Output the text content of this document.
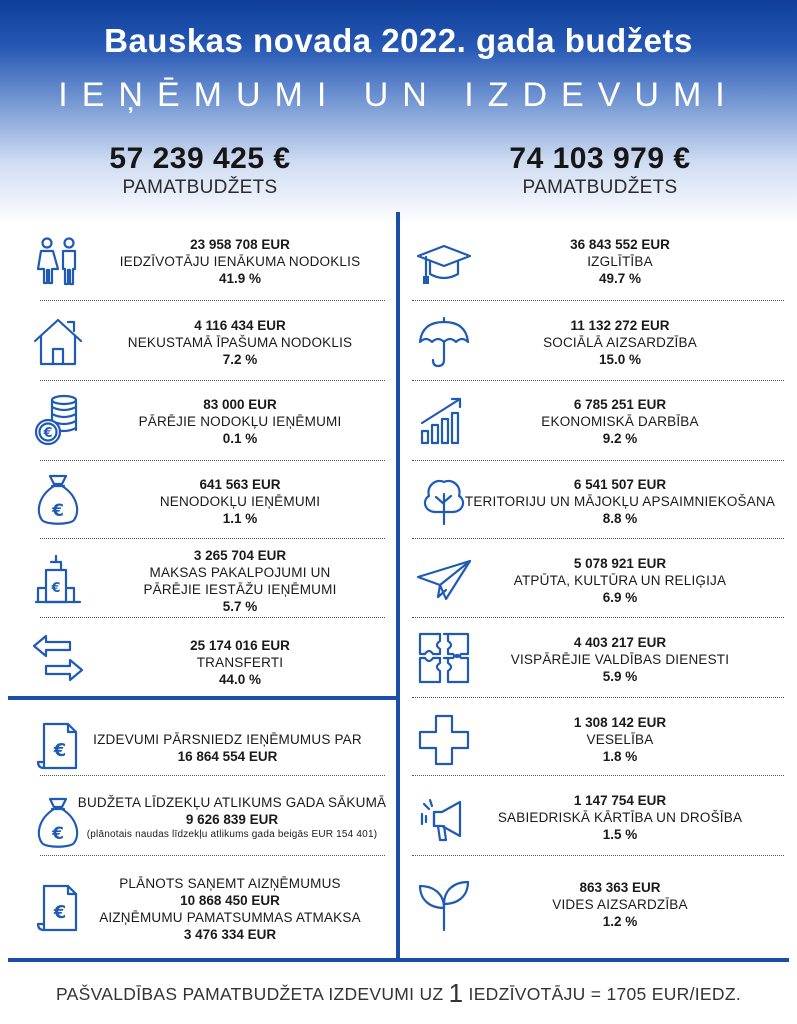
Bauskas novada 2022. gada budžets
IEŅĒMUMI UN IZDEVUMI
57 239 425 €
PAMATBUDŽETS
74 103 979 €
PAMATBUDŽETS
23 958 708 EUR
IEDZĪVOTĀJU IENĀKUMA NODOKLIS
41.9 %
4 116 434 EUR
NEKUSTAMĀ ĪPAŠUMA NODOKLIS
7.2 %
€
83 000 EUR
PĀRĒJIE NODOKĻU IEŅĒMUMI
0.1 %
€
641 563 EUR
NENODOKĻU IEŅĒMUMI
1.1 %
€
3 265 704 EUR
MAKSAS PAKALPOJUMI UN
PĀRĒJIE IESTĀŽU IEŅĒMUMI
5.7 %
25 174 016 EUR
TRANSFERTI
44.0 %
€
IZDEVUMI PĀRSNIEDZ IEŅĒMUMUS PAR
16 864 554 EUR
€
BUDŽETA LĪDZEKĻU ATLIKUMS GADA SĀKUMĀ
9 626 839 EUR
(plānotais naudas līdzekļu atlikums gada beigās EUR 154 401)
€
PLĀNOTS SAŅEMT AIZŅĒMUMUS
10 868 450 EUR
AIZŅĒMUMU PAMATSUMMAS ATMAKSA
3 476 334 EUR
36 843 552 EUR
IZGLĪTĪBA
49.7 %
11 132 272 EUR
SOCIĀLĀ AIZSARDZĪBA
15.0 %
6 785 251 EUR
EKONOMISKĀ DARBĪBA
9.2 %
6 541 507 EUR
TERITORIJU UN MĀJOKĻU APSAIMNIEKOŠANA
8.8 %
5 078 921 EUR
ATPŪTA, KULTŪRA UN RELIĢIJA
6.9 %
4 403 217 EUR
VISPĀRĒJIE VALDĪBAS DIENESTI
5.9 %
1 308 142 EUR
VESELĪBA
1.8 %
1 147 754 EUR
SABIEDRISKĀ KĀRTĪBA UN DROŠĪBA
1.5 %
863 363 EUR
VIDES AIZSARDZĪBA
1.2 %
PAŠVALDĪBAS PAMATBUDŽETA IZDEVUMI UZ 1 IEDZĪVOTĀJU = 1705 EUR/IEDZ.
